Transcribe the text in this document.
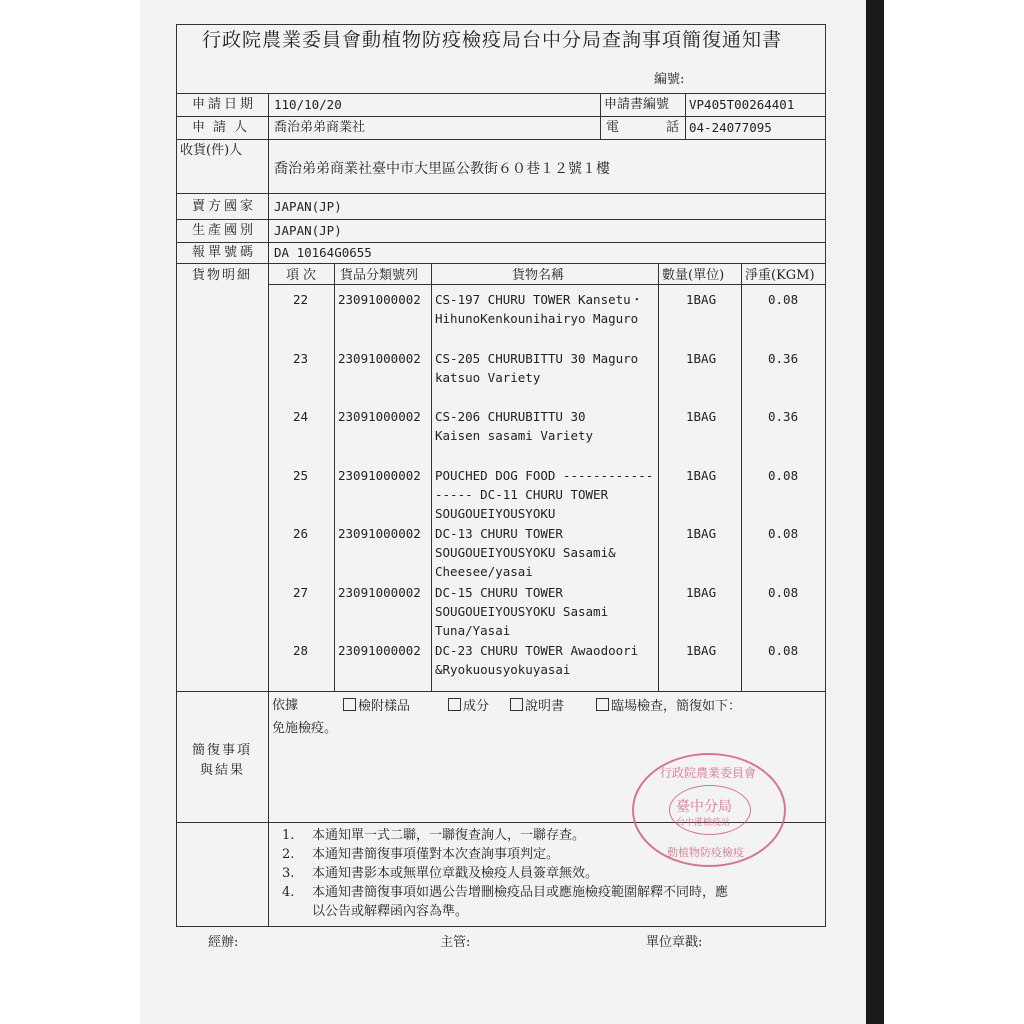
行政院農業委員會動植物防疫檢疫局台中分局查詢事項簡復通知書
編號:
申請日期 110/10/20	申請書編號 VP405T00264401
申請人 喬治弟弟商業社	電	話 04-24077095
收貨(件)人
喬治弟弟商業社臺中市大里區公教街６０巷１２號１樓
賣方國家 JAPAN(JP)
生產國別 JAPAN(JP)
報單號碼 DA 10164G0655
貨物明細	項次 貨品分類號列	貨物名稱	數量(單位) 淨重(KGM)
22 23091000002 CS-197 CHURU TOWER Kansetu・	1BAG	0.08
HihunoKenkounihairyo Maguro
23 23091000002 CS-205 CHURUBITTU 30 Maguro	1BAG	0.36
katsuo Variety
24 23091000002 CS-206 CHURUBITTU 30	1BAG	0.36
Kaisen sasami Variety
25 23091000002 POUCHED DOG FOOD ------------	1BAG	0.08
----- DC-11 CHURU TOWER
SOUGOUEIYOUSYOKU
26 23091000002 DC-13 CHURU TOWER	1BAG	0.08
SOUGOUEIYOUSYOKU Sasami&
Cheesee/yasai
27 23091000002 DC-15 CHURU TOWER	1BAG	0.08
SOUGOUEIYOUSYOKU Sasami
Tuna/Yasai
28 23091000002 DC-23 CHURU TOWER Awaodoori	1BAG	0.08
&Ryokuousyokuyasai
依據	檢附樣品	成分	說明書	臨場檢查，簡復如下：
免施檢疫。
簡復事項
與結果	行政院農業委員會
臺中分局
台中港檢疫站
動植物防疫檢疫
1. 本通知單一式二聯，一聯復查詢人，一聯存查。
2. 本通知書簡復事項僅對本次查詢事項判定。
3. 本通知書影本或無單位章戳及檢疫人員簽章無效。
4. 本通知書簡復事項如遇公告增刪檢疫品目或應施檢疫範圍解釋不同時，應
以公告或解釋函內容為準。
經辦:	主管:	單位章戳:
